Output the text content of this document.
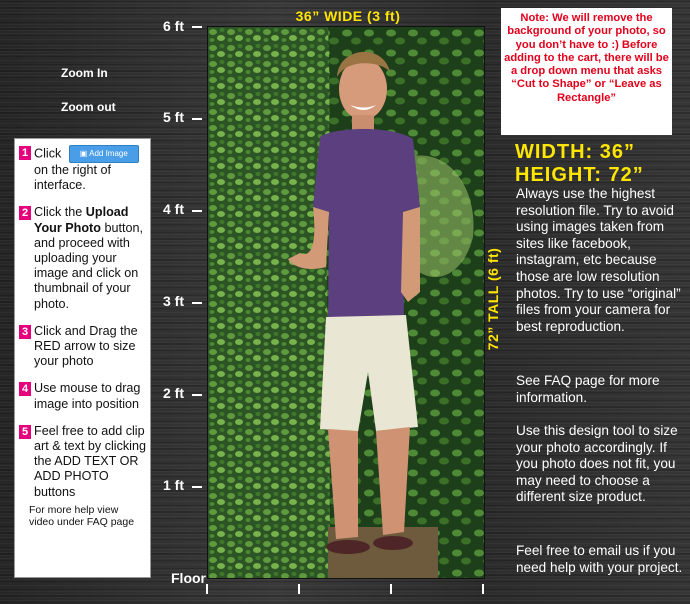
6 ft
5 ft
4 ft
3 ft
2 ft
1 ft
Floor
Zoom In
Zoom out
1 Click ▣ Add Image on the right of interface.
2 Click the Upload Your Photo button, and proceed with uploading your image and click on thumbnail of your photo.
3 Click and Drag the RED arrow to size your photo
4 Use mouse to drag image into position
5 Feel free to add clip art & text by clicking the ADD TEXT OR ADD PHOTO buttons
For more help view video under FAQ page
36” WIDE (3 ft)
72” TALL (6 ft)
Note: We will remove the background of your photo, so you don’t have to :) Before adding to the cart, there will be a drop down menu that asks “Cut to Shape” or “Leave as Rectangle”
WIDTH: 36”
HEIGHT: 72”
Always use the highest resolution file. Try to avoid using images taken from sites like facebook, instagram, etc because those are low resolution photos. Try to use “original” files from your camera for best reproduction.
See FAQ page for more information.
Use this design tool to size your photo accordingly. If you photo does not fit, you may need to choose a different size product.
Feel free to email us if you need help with your project.
